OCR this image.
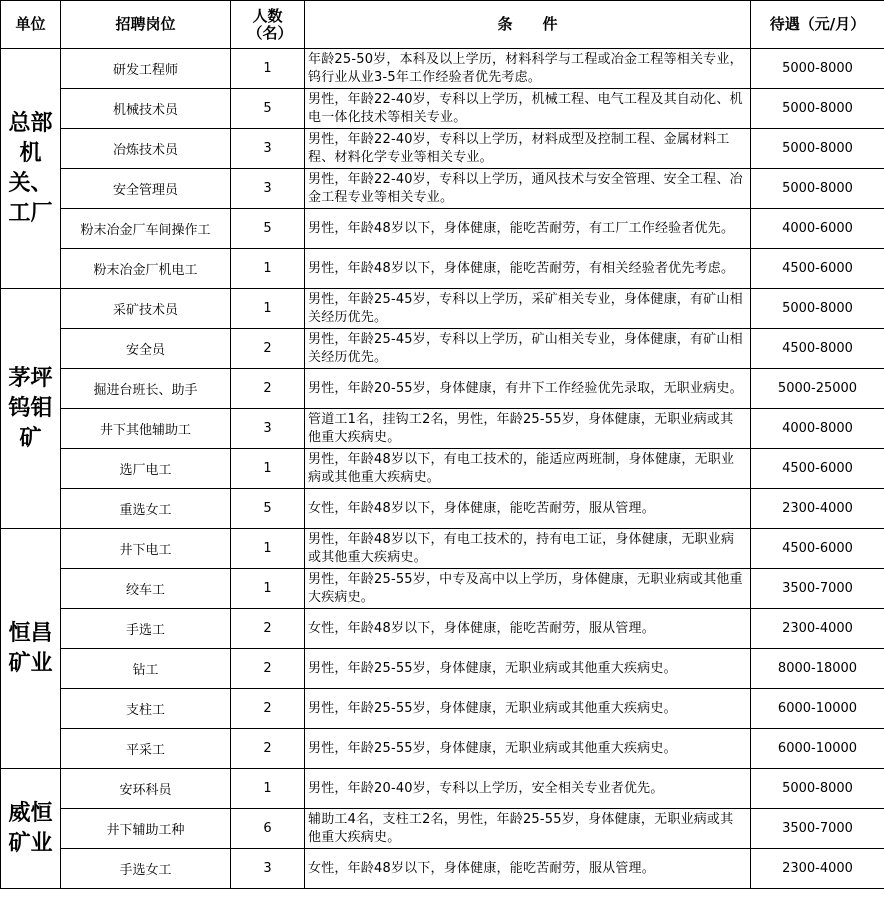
单位	招聘岗位	人数（名）	条　　件	待遇（元/月）
总部机关、工厂	研发工程师	1	年龄25-50岁，本科及以上学历，材料科学与工程或冶金工程等相关专业，钨行业从业3-5年工作经验者优先考虑。	5000-8000
	机械技术员	5	男性，年龄22-40岁，专科以上学历，机械工程、电气工程及其自动化、机电一体化技术等相关专业。	5000-8000
	冶炼技术员	3	男性，年龄22-40岁，专科以上学历，材料成型及控制工程、金属材料工程、材料化学专业等相关专业。	5000-8000
	安全管理员	3	男性，年龄22-40岁，专科以上学历，通风技术与安全管理、安全工程、冶金工程专业等相关专业。	5000-8000
	粉末冶金厂车间操作工	5	男性，年龄48岁以下，身体健康，能吃苦耐劳，有工厂工作经验者优先。	4000-6000
	粉末冶金厂机电工	1	男性，年龄48岁以下，身体健康，能吃苦耐劳，有相关经验者优先考虑。	4500-6000
茅坪钨钼矿	采矿技术员	1	男性，年龄25-45岁，专科以上学历，采矿相关专业，身体健康，有矿山相关经历优先。	5000-8000
	安全员	2	男性，年龄25-45岁，专科以上学历，矿山相关专业，身体健康，有矿山相关经历优先。	4500-8000
	掘进台班长、助手	2	男性，年龄20-55岁，身体健康，有井下工作经验优先录取，无职业病史。	5000-25000
	井下其他辅助工	3	管道工1名，挂钩工2名，男性，年龄25-55岁，身体健康，无职业病或其他重大疾病史。	4000-8000
	选厂电工	1	男性，年龄48岁以下，有电工技术的，能适应两班制，身体健康，无职业病或其他重大疾病史。	4500-6000
	重选女工	5	女性，年龄48岁以下，身体健康，能吃苦耐劳，服从管理。	2300-4000
恒昌矿业	井下电工	1	男性，年龄48岁以下，有电工技术的，持有电工证，身体健康，无职业病或其他重大疾病史。	4500-6000
	绞车工	1	男性，年龄25-55岁，中专及高中以上学历，身体健康，无职业病或其他重大疾病史。	3500-7000
	手选工	2	女性，年龄48岁以下，身体健康，能吃苦耐劳，服从管理。	2300-4000
	钻工	2	男性，年龄25-55岁，身体健康，无职业病或其他重大疾病史。	8000-18000
	支柱工	2	男性，年龄25-55岁，身体健康，无职业病或其他重大疾病史。	6000-10000
	平采工	2	男性，年龄25-55岁，身体健康，无职业病或其他重大疾病史。	6000-10000
威恒矿业	安环科员	1	男性，年龄20-40岁，专科以上学历，安全相关专业者优先。	5000-8000
	井下辅助工种	6	辅助工4名，支柱工2名，男性，年龄25-55岁，身体健康，无职业病或其他重大疾病史。	3500-7000
	手选女工	3	女性，年龄48岁以下，身体健康，能吃苦耐劳，服从管理。	2300-4000
